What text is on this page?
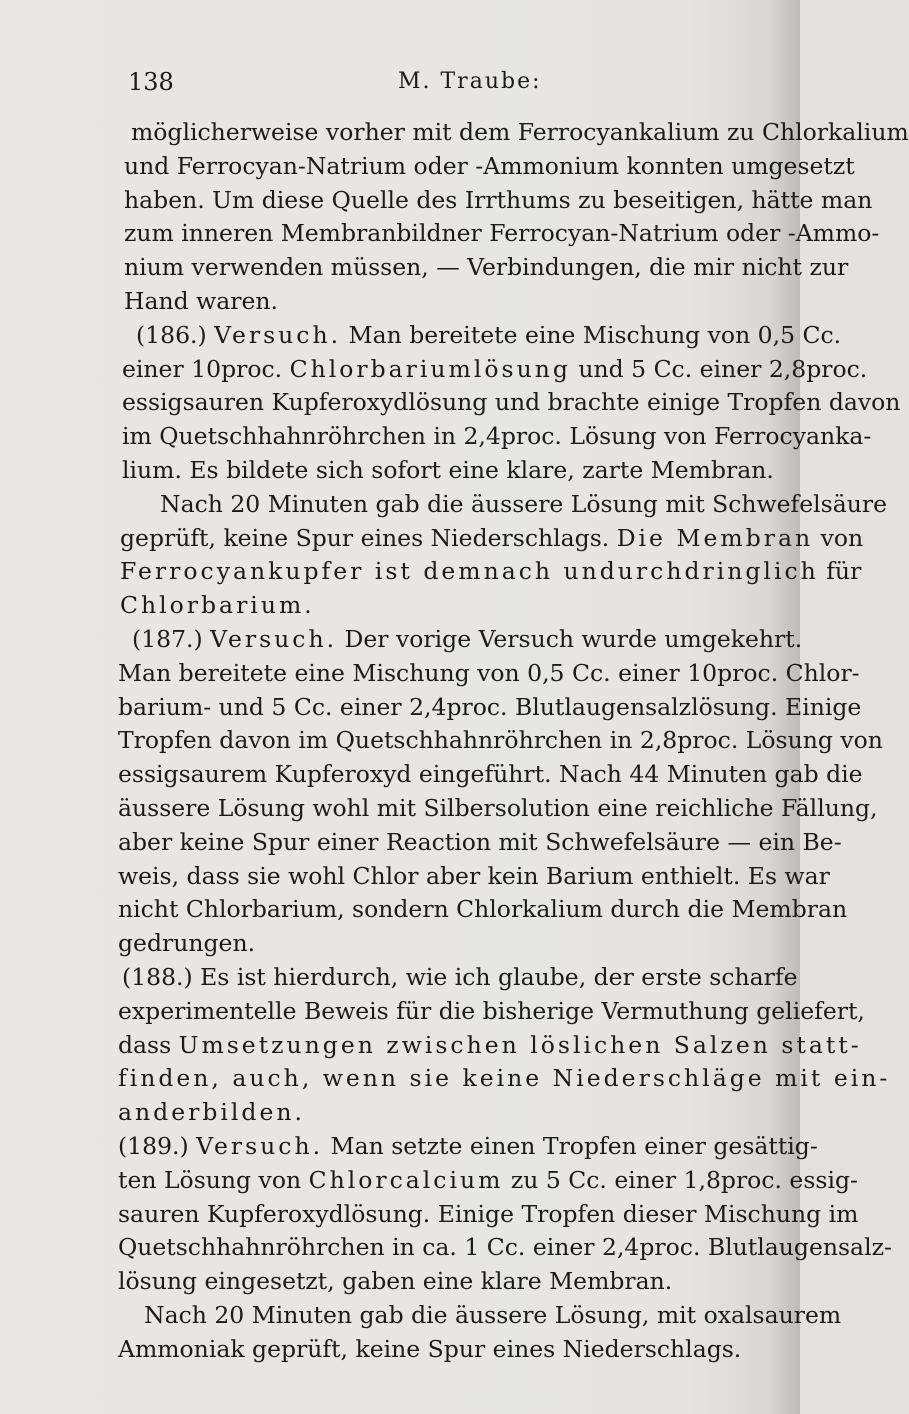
138	M. Traube:
möglicherweise vorher mit dem Ferrocyankalium zu Chlorkalium
und Ferrocyan-Natrium oder -Ammonium konnten umgesetzt
haben. Um diese Quelle des Irrthums zu beseitigen, hätte man
zum inneren Membranbildner Ferrocyan-Natrium oder -Ammo-
nium verwenden müssen, — Verbindungen, die mir nicht zur
Hand waren.
(186.) Versuch. Man bereitete eine Mischung von 0,5 Cc.
einer 10proc. Chlorbariumlösung und 5 Cc. einer 2,8proc.
essigsauren Kupferoxydlösung und brachte einige Tropfen davon
im Quetschhahnröhrchen in 2,4proc. Lösung von Ferrocyanka-
lium. Es bildete sich sofort eine klare, zarte Membran.
Nach 20 Minuten gab die äussere Lösung mit Schwefelsäure
geprüft, keine Spur eines Niederschlags. Die Membran von
Ferrocyankupfer ist demnach undurchdringlich für
Chlorbarium.
(187.) Versuch. Der vorige Versuch wurde umgekehrt.
Man bereitete eine Mischung von 0,5 Cc. einer 10proc. Chlor-
barium- und 5 Cc. einer 2,4proc. Blutlaugensalzlösung. Einige
Tropfen davon im Quetschhahnröhrchen in 2,8proc. Lösung von
essigsaurem Kupferoxyd eingeführt. Nach 44 Minuten gab die
äussere Lösung wohl mit Silbersolution eine reichliche Fällung,
aber keine Spur einer Reaction mit Schwefelsäure — ein Be-
weis, dass sie wohl Chlor aber kein Barium enthielt. Es war
nicht Chlorbarium, sondern Chlorkalium durch die Membran
gedrungen.
(188.) Es ist hierdurch, wie ich glaube, der erste scharfe
experimentelle Beweis für die bisherige Vermuthung geliefert,
dass Umsetzungen zwischen löslichen Salzen statt-
finden, auch, wenn sie keine Niederschläge mit ein-
anderbilden.
(189.) Versuch. Man setzte einen Tropfen einer gesättig-
ten Lösung von Chlorcalcium zu 5 Cc. einer 1,8proc. essig-
sauren Kupferoxydlösung. Einige Tropfen dieser Mischung im
Quetschhahnröhrchen in ca. 1 Cc. einer 2,4proc. Blutlaugensalz-
lösung eingesetzt, gaben eine klare Membran.
Nach 20 Minuten gab die äussere Lösung, mit oxalsaurem
Ammoniak geprüft, keine Spur eines Niederschlags.
